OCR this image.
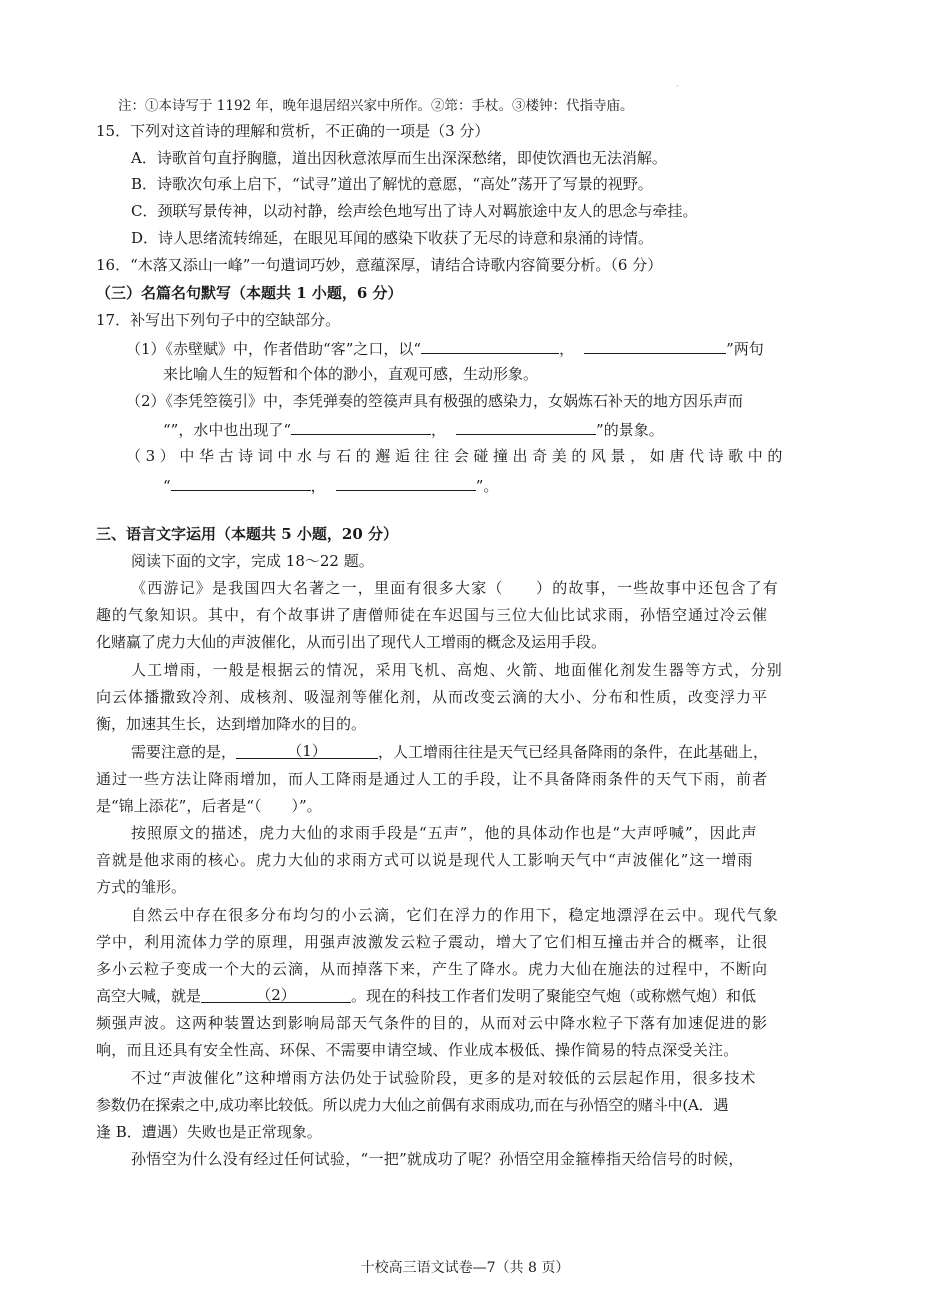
·
注：①本诗写于 1192 年，晚年退居绍兴家中所作。②筇：手杖。③楼钟：代指寺庙。
15．下列对这首诗的理解和赏析，不正确的一项是（3 分）
A．诗歌首句直抒胸臆，道出因秋意浓厚而生出深深愁绪，即使饮酒也无法消解。
B．诗歌次句承上启下，“试寻”道出了解忧的意愿，“高处”荡开了写景的视野。
C．颈联写景传神，以动衬静，绘声绘色地写出了诗人对羁旅途中友人的思念与牵挂。
D．诗人思绪流转绵延，在眼见耳闻的感染下收获了无尽的诗意和泉涌的诗情。
16．“木落又添山一峰”一句遣词巧妙，意蕴深厚，请结合诗歌内容简要分析。（6 分）
（三）名篇名句默写（本题共 1 小题，6 分）
17．补写出下列句子中的空缺部分。
（1）《赤壁赋》中，作者借助“客”之口，以“	，	”两句
来比喻人生的短暂和个体的渺小，直观可感，生动形象。
（2）《李凭箜篌引》中，李凭弹奏的箜篌声具有极强的感染力，女娲炼石补天的地方因乐声而
“”，水中也出现了“	，	”的景象。
（3）中华古诗词中水与石的邂逅往往会碰撞出奇美的风景，如唐代诗歌中的
“	，	”。
三、语言文字运用（本题共 5 小题，20 分）
阅读下面的文字，完成 18～22 题。
《西游记》是我国四大名著之一，里面有很多大家（　　）的故事，一些故事中还包含了有
趣的气象知识。其中，有个故事讲了唐僧师徒在车迟国与三位大仙比试求雨，孙悟空通过冷云催
化赌赢了虎力大仙的声波催化，从而引出了现代人工增雨的概念及运用手段。
人工增雨，一般是根据云的情况，采用飞机、高炮、火箭、地面催化剂发生器等方式，分别
向云体播撒致冷剂、成核剂、吸湿剂等催化剂，从而改变云滴的大小、分布和性质，改变浮力平
衡，加速其生长，达到增加降水的目的。
需要注意的是，	（1）	，人工增雨往往是天气已经具备降雨的条件，在此基础上，
通过一些方法让降雨增加，而人工降雨是通过人工的手段，让不具备降雨条件的天气下雨，前者
是“锦上添花”，后者是“（　　）”。
按照原文的描述，虎力大仙的求雨手段是“五声”，他的具体动作也是“大声呼喊”，因此声
音就是他求雨的核心。虎力大仙的求雨方式可以说是现代人工影响天气中“声波催化”这一增雨
方式的雏形。
自然云中存在很多分布均匀的小云滴，它们在浮力的作用下，稳定地漂浮在云中。现代气象
学中，利用流体力学的原理，用强声波激发云粒子震动，增大了它们相互撞击并合的概率，让很
多小云粒子变成一个大的云滴，从而掉落下来，产生了降水。虎力大仙在施法的过程中，不断向
高空大喊，就是	（2）	。现在的科技工作者们发明了聚能空气炮（或称燃气炮）和低
频强声波。这两种装置达到影响局部天气条件的目的，从而对云中降水粒子下落有加速促进的影
响，而且还具有安全性高、环保、不需要申请空域、作业成本极低、操作简易的特点深受关注。
不过“声波催化”这种增雨方法仍处于试验阶段，更多的是对较低的云层起作用，很多技术
参数仍在探索之中,成功率比较低。所以虎力大仙之前偶有求雨成功,而在与孙悟空的赌斗中(A．遇
逢 B．遭遇）失败也是正常现象。
孙悟空为什么没有经过任何试验，“一把”就成功了呢？孙悟空用金箍棒指天给信号的时候，
十校高三语文试卷—7（共 8 页）
